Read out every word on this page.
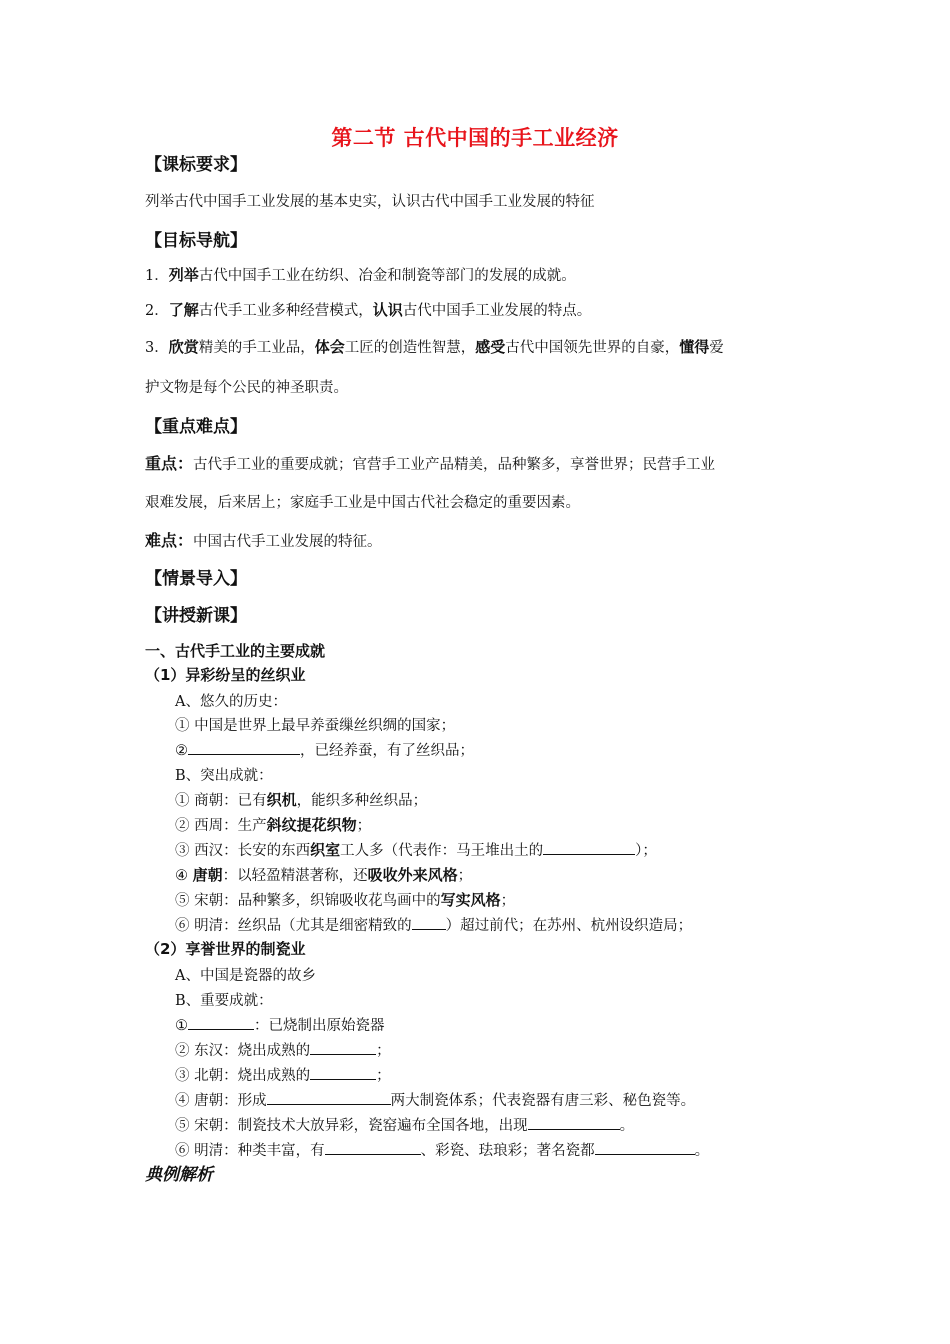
第二节 古代中国的手工业经济
【课标要求】
列举古代中国手工业发展的基本史实，认识古代中国手工业发展的特征
【目标导航】
1．列举古代中国手工业在纺织、冶金和制瓷等部门的发展的成就。
2．了解古代手工业多种经营模式，认识古代中国手工业发展的特点。
3．欣赏精美的手工业品，体会工匠的创造性智慧，感受古代中国领先世界的自豪，懂得爱
护文物是每个公民的神圣职责。
【重点难点】
重点：古代手工业的重要成就；官营手工业产品精美，品种繁多，享誉世界；民营手工业
艰难发展，后来居上；家庭手工业是中国古代社会稳定的重要因素。
难点：中国古代手工业发展的特征。
【情景导入】
【讲授新课】
一、古代手工业的主要成就
（1）异彩纷呈的丝织业
A、悠久的历史：
① 中国是世界上最早养蚕缫丝织绸的国家；
②	，已经养蚕，有了丝织品；
B、突出成就：
① 商朝：已有织机，能织多种丝织品；
② 西周：生产斜纹提花织物；
③ 西汉：长安的东西织室工人多（代表作：马王堆出土的	）；
④ 唐朝：以轻盈精湛著称，还吸收外来风格；
⑤ 宋朝：品种繁多，织锦吸收花鸟画中的写实风格；
⑥ 明清：丝织品（尤其是细密精致的 ）超过前代；在苏州、杭州设织造局；
（2）享誉世界的制瓷业
A、中国是瓷器的故乡
B、重要成就：
①	：已烧制出原始瓷器
② 东汉：烧出成熟的	；
③ 北朝：烧出成熟的	；
④ 唐朝：形成	两大制瓷体系；代表瓷器有唐三彩、秘色瓷等。
⑤ 宋朝：制瓷技术大放异彩，瓷窑遍布全国各地，出现	。
⑥ 明清：种类丰富，有	、彩瓷、珐琅彩；著名瓷都	。
典例解析
